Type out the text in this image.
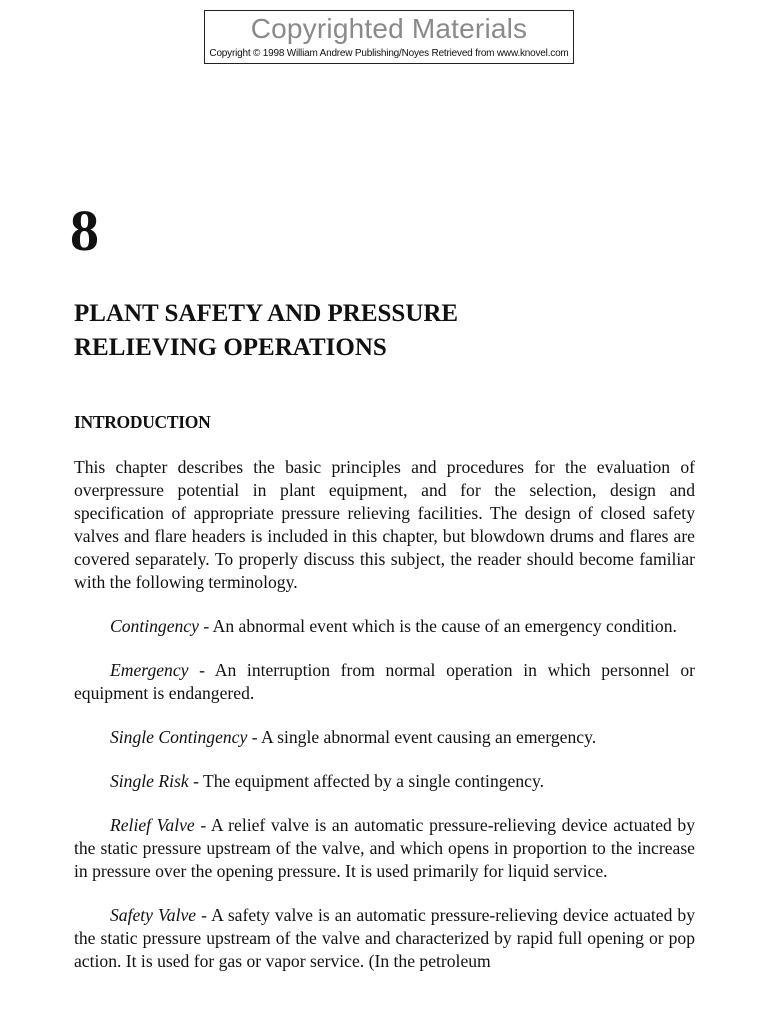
Copyrighted Materials
Copyright © 1998 William Andrew Publishing/Noyes Retrieved from www.knovel.com
8
PLANT SAFETY AND PRESSURE
RELIEVING OPERATIONS
INTRODUCTION

This chapter describes the basic principles and procedures for the evaluation of overpressure potential in plant equipment, and for the selection, design and specification of appropriate pressure relieving facilities. The design of closed safety valves and flare headers is included in this chapter, but blowdown drums and flares are covered separately. To properly discuss this subject, the reader should become familiar with the following terminology.

Contingency - An abnormal event which is the cause of an emergency condition.

Emergency - An interruption from normal operation in which personnel or equipment is endangered.

Single Contingency - A single abnormal event causing an emergency.

Single Risk - The equipment affected by a single contingency.

Relief Valve - A relief valve is an automatic pressure-relieving device actuated by the static pressure upstream of the valve, and which opens in proportion to the increase in pressure over the opening pressure. It is used primarily for liquid service.

Safety Valve - A safety valve is an automatic pressure-relieving device actuated by the static pressure upstream of the valve and characterized by rapid full opening or pop action. It is used for gas or vapor service. (In the petroleum
